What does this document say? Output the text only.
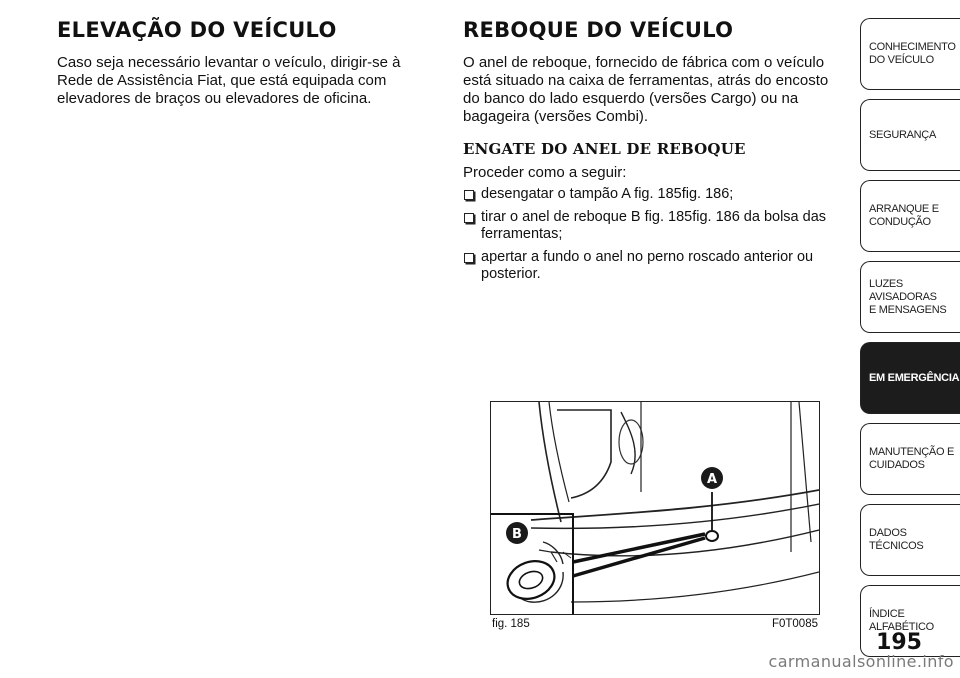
ELEVAÇÃO DO VEÍCULO

Caso seja necessário levantar o veículo, dirigir-se à Rede de Assistência Fiat, que está equipada com elevadores de braços ou elevadores de oficina.

REBOQUE DO VEÍCULO

O anel de reboque, fornecido de fábrica com o veículo está situado na caixa de ferramentas, atrás do encosto do banco do lado esquerdo (versões Cargo) ou na bagageira (versões Combi).

ENGATE DO ANEL DE REBOQUE

Proceder como a seguir:

desengatar o tampão A fig. 185fig. 186;
tirar o anel de reboque B fig. 185fig. 186 da bolsa das ferramentas;
apertar a fundo o anel no perno roscado anterior ou posterior.
A
B
fig. 185	F0T0085
CONHECIMENTO
DO VEÍCULO
SEGURANÇA
ARRANQUE E
CONDUÇÃO
LUZES AVISADORAS
E MENSAGENS
EM EMERGÊNCIA
MANUTENÇÃO E
CUIDADOS
DADOS TÉCNICOS
ÍNDICE ALFABÉTICO
195
carmanualsonline.info
